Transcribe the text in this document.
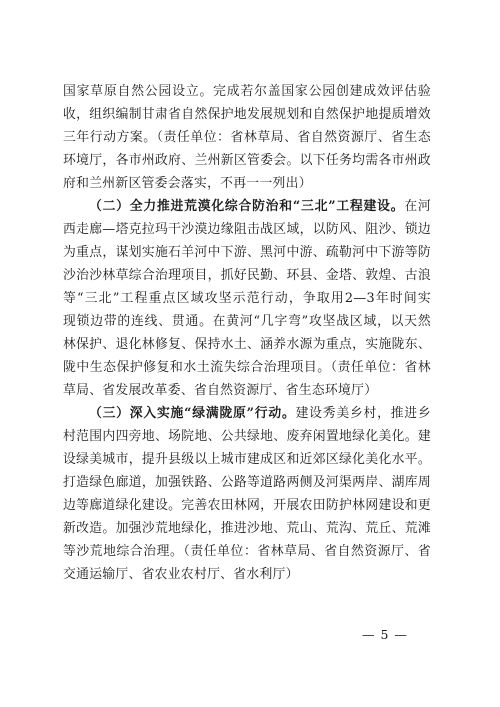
国家草原自然公园设立。完成若尔盖国家公园创建成效评估验
收，组织编制甘肃省自然保护地发展规划和自然保护地提质增效
三年行动方案。（责任单位：省林草局、省自然资源厅、省生态
环境厅，各市州政府、兰州新区管委会。以下任务均需各市州政
府和兰州新区管委会落实，不再一一列出）
（二）全力推进荒漠化综合防治和“三北”工程建设。在河
西走廊—塔克拉玛干沙漠边缘阻击战区域，以防风、阻沙、锁边
为重点，谋划实施石羊河中下游、黑河中游、疏勒河中下游等防
沙治沙林草综合治理项目，抓好民勤、环县、金塔、敦煌、古浪
等“三北”工程重点区域攻坚示范行动，争取用2—3年时间实
现锁边带的连线、贯通。在黄河“几字弯”攻坚战区域，以天然
林保护、退化林修复、保持水土、涵养水源为重点，实施陇东、
陇中生态保护修复和水土流失综合治理项目。（责任单位：省林
草局、省发展改革委、省自然资源厅、省生态环境厅）
（三）深入实施“绿满陇原”行动。建设秀美乡村，推进乡
村范围内四旁地、场院地、公共绿地、废弃闲置地绿化美化。建
设绿美城市，提升县级以上城市建成区和近郊区绿化美化水平。
打造绿色廊道，加强铁路、公路等道路两侧及河渠两岸、湖库周
边等廊道绿化建设。完善农田林网，开展农田防护林网建设和更
新改造。加强沙荒地绿化，推进沙地、荒山、荒沟、荒丘、荒滩
等沙荒地综合治理。（责任单位：省林草局、省自然资源厅、省
交通运输厅、省农业农村厅、省水利厅）
— 5 —
